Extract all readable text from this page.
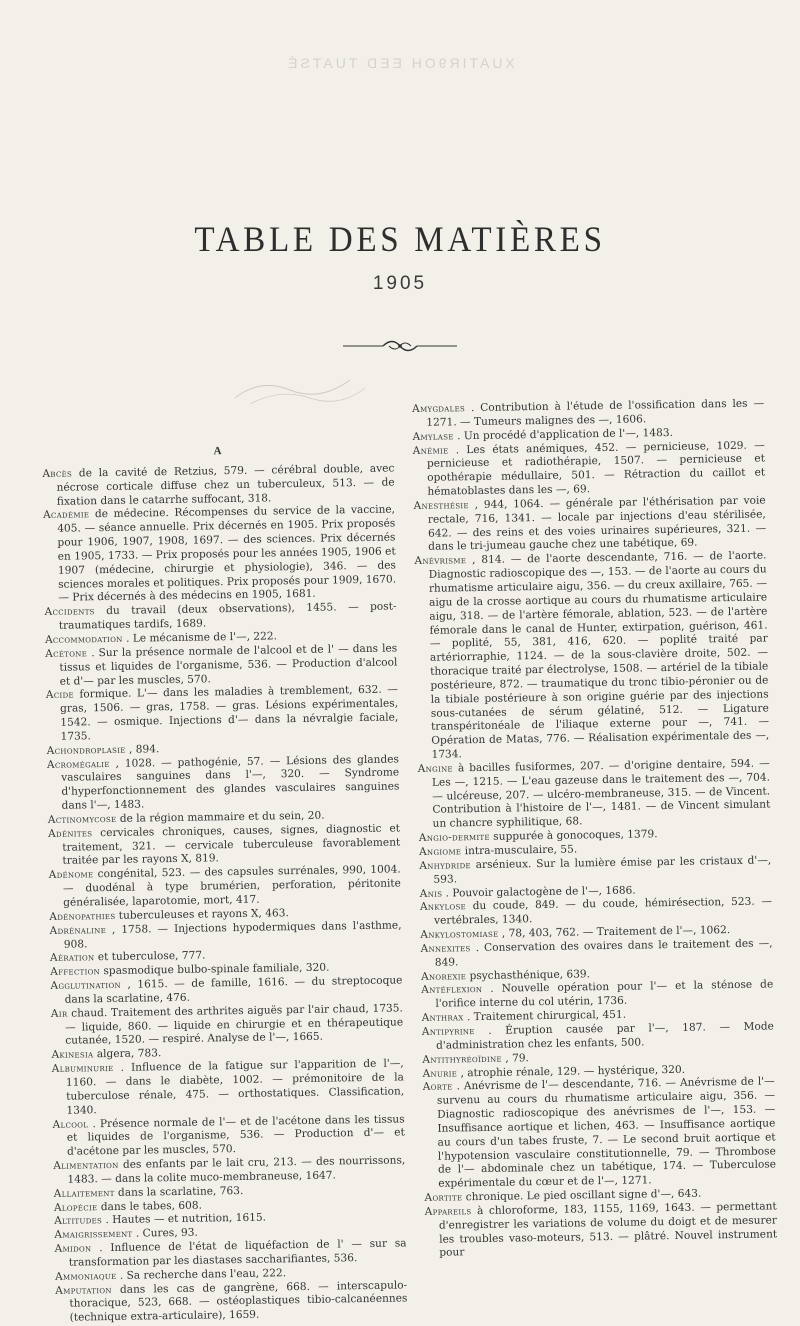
XUATIR9OH EED TUATSÉ
TABLE DES MATIÈRES
1905
A

Abcès de la cavité de Retzius, 579. — cérébral double, avec nécrose corticale diffuse chez un tuberculeux, 513. — de fixation dans le catarrhe suffocant, 318.

Académie de médecine. Récompenses du service de la vaccine, 405. — séance annuelle. Prix décernés en 1905. Prix proposés pour 1906, 1907, 1908, 1697. — des sciences. Prix décernés en 1905, 1733. — Prix proposés pour les années 1905, 1906 et 1907 (médecine, chirurgie et physiologie), 346. — des sciences morales et politiques. Prix proposés pour 1909, 1670. — Prix décernés à des médecins en 1905, 1681.

Accidents du travail (deux observations), 1455. — post-traumatiques tardifs, 1689.

Accommodation . Le mécanisme de l'—, 222.

Acétone . Sur la présence normale de l'alcool et de l' — dans les tissus et liquides de l'organisme, 536. — Production d'alcool et d'— par les muscles, 570.

Acide formique. L'— dans les maladies à tremblement, 632. — gras, 1506. — gras, 1758. — gras. Lésions expérimentales, 1542. — osmique. Injections d'— dans la névralgie faciale, 1735.

Achondroplasie , 894.

Acromégalie , 1028. — pathogénie, 57. — Lésions des glandes vasculaires sanguines dans l'—, 320. — Syndrome d'hyperfonctionnement des glandes vasculaires sanguines dans l'—, 1483.

Actinomycose de la région mammaire et du sein, 20.

Adénites cervicales chroniques, causes, signes, diagnostic et traitement, 321. — cervicale tuberculeuse favorablement traitée par les rayons X, 819.

Adénome congénital, 523. — des capsules surrénales, 990, 1004. — duodénal à type brumérien, perforation, péritonite généralisée, laparotomie, mort, 417.

Adénopathies tuberculeuses et rayons X, 463.

Adrénaline , 1758. — Injections hypodermiques dans l'asthme, 908.

Aération et tuberculose, 777.

Affection spasmodique bulbo-spinale familiale, 320.

Agglutination , 1615. — de famille, 1616. — du streptocoque dans la scarlatine, 476.

Air chaud. Traitement des arthrites aiguës par l'air chaud, 1735. — liquide, 860. — liquide en chirurgie et en thérapeutique cutanée, 1520. — respiré. Analyse de l'—, 1665.

Akinesia algera, 783.

Albuminurie . Influence de la fatigue sur l'apparition de l'—, 1160. — dans le diabète, 1002. — prémonitoire de la tuberculose rénale, 475. — orthostatiques. Classification, 1340.

Alcool . Présence normale de l'— et de l'acétone dans les tissus et liquides de l'organisme, 536. — Production d'— et d'acétone par les muscles, 570.

Alimentation des enfants par le lait cru, 213. — des nourrissons, 1483. — dans la colite muco-membraneuse, 1647.

Allaitement dans la scarlatine, 763.

Alopécie dans le tabes, 608.

Altitudes . Hautes — et nutrition, 1615.

Amaigrissement . Cures, 93.

Amidon . Influence de l'état de liquéfaction de l' — sur sa transformation par les diastases saccharifiantes, 536.

Ammoniaque . Sa recherche dans l'eau, 222.

Amputation dans les cas de gangrène, 668. — interscapulo-thoracique, 523, 668. — ostéoplastiques tibio-calcanéennes (technique extra-articulaire), 1659.

Amygdales . Contribution à l'étude de l'ossification dans les — 1271. — Tumeurs malignes des —, 1606.

Amylase . Un procédé d'application de l'—, 1483.

Anémie . Les états anémiques, 452. — pernicieuse, 1029. — pernicieuse et radiothérapie, 1507. — pernicieuse et opothérapie médullaire, 501. — Rétraction du caillot et hématoblastes dans les —, 69.

Anesthésie , 944, 1064. — générale par l'éthérisation par voie rectale, 716, 1341. — locale par injections d'eau stérilisée, 642. — des reins et des voies urinaires supérieures, 321. — dans le tri-jumeau gauche chez une tabétique, 69.

Anévrisme , 814. — de l'aorte descendante, 716. — de l'aorte. Diagnostic radioscopique des —, 153. — de l'aorte au cours du rhumatisme articulaire aigu, 356. — du creux axillaire, 765. — aigu de la crosse aortique au cours du rhumatisme articulaire aigu, 318. — de l'artère fémorale, ablation, 523. — de l'artère fémorale dans le canal de Hunter, extirpation, guérison, 461. — poplité, 55, 381, 416, 620. — poplité traité par artériorraphie, 1124. — de la sous-clavière droite, 502. — thoracique traité par électrolyse, 1508. — artériel de la tibiale postérieure, 872. — traumatique du tronc tibio-péronier ou de la tibiale postérieure à son origine guérie par des injections sous-cutanées de sérum gélatiné, 512. — Ligature transpéritonéale de l'iliaque externe pour —, 741. — Opération de Matas, 776. — Réalisation expérimentale des —, 1734.

Angine à bacilles fusiformes, 207. — d'origine dentaire, 594. — Les —, 1215. — L'eau gazeuse dans le traitement des —, 704. — ulcéreuse, 207. — ulcéro-membraneuse, 315. — de Vincent. Contribution à l'histoire de l'—, 1481. — de Vincent simulant un chancre syphilitique, 68.

Angio-dermite suppurée à gonocoques, 1379.

Angiome intra-musculaire, 55.

Anhydride arsénieux. Sur la lumière émise par les cristaux d'—, 593.

Anis . Pouvoir galactogène de l'—, 1686.

Ankylose du coude, 849. — du coude, hémirésection, 523. — vertébrales, 1340.

Ankylostomiase , 78, 403, 762. — Traitement de l'—, 1062.

Annexites . Conservation des ovaires dans le traitement des —, 849.

Anorexie psychasthénique, 639.

Antéflexion . Nouvelle opération pour l'— et la sténose de l'orifice interne du col utérin, 1736.

Anthrax . Traitement chirurgical, 451.

Antipyrine . Éruption causée par l'—, 187. — Mode d'administration chez les enfants, 500.

Antithyréoïdine , 79.

Anurie , atrophie rénale, 129. — hystérique, 320.

Aorte . Anévrisme de l'— descendante, 716. — Anévrisme de l'— survenu au cours du rhumatisme articulaire aigu, 356. — Diagnostic radioscopique des anévrismes de l'—, 153. — Insuffisance aortique et lichen, 463. — Insuffisance aortique au cours d'un tabes fruste, 7. — Le second bruit aortique et l'hypotension vasculaire constitutionnelle, 79. — Thrombose de l'— abdominale chez un tabétique, 174. — Tuberculose expérimentale du cœur et de l'—, 1271.

Aortite chronique. Le pied oscillant signe d'—, 643.

Appareils à chloroforme, 183, 1155, 1169, 1643. — permettant d'enregistrer les variations de volume du doigt et de mesurer les troubles vaso-moteurs, 513. — plâtré. Nouvel instrument pour
